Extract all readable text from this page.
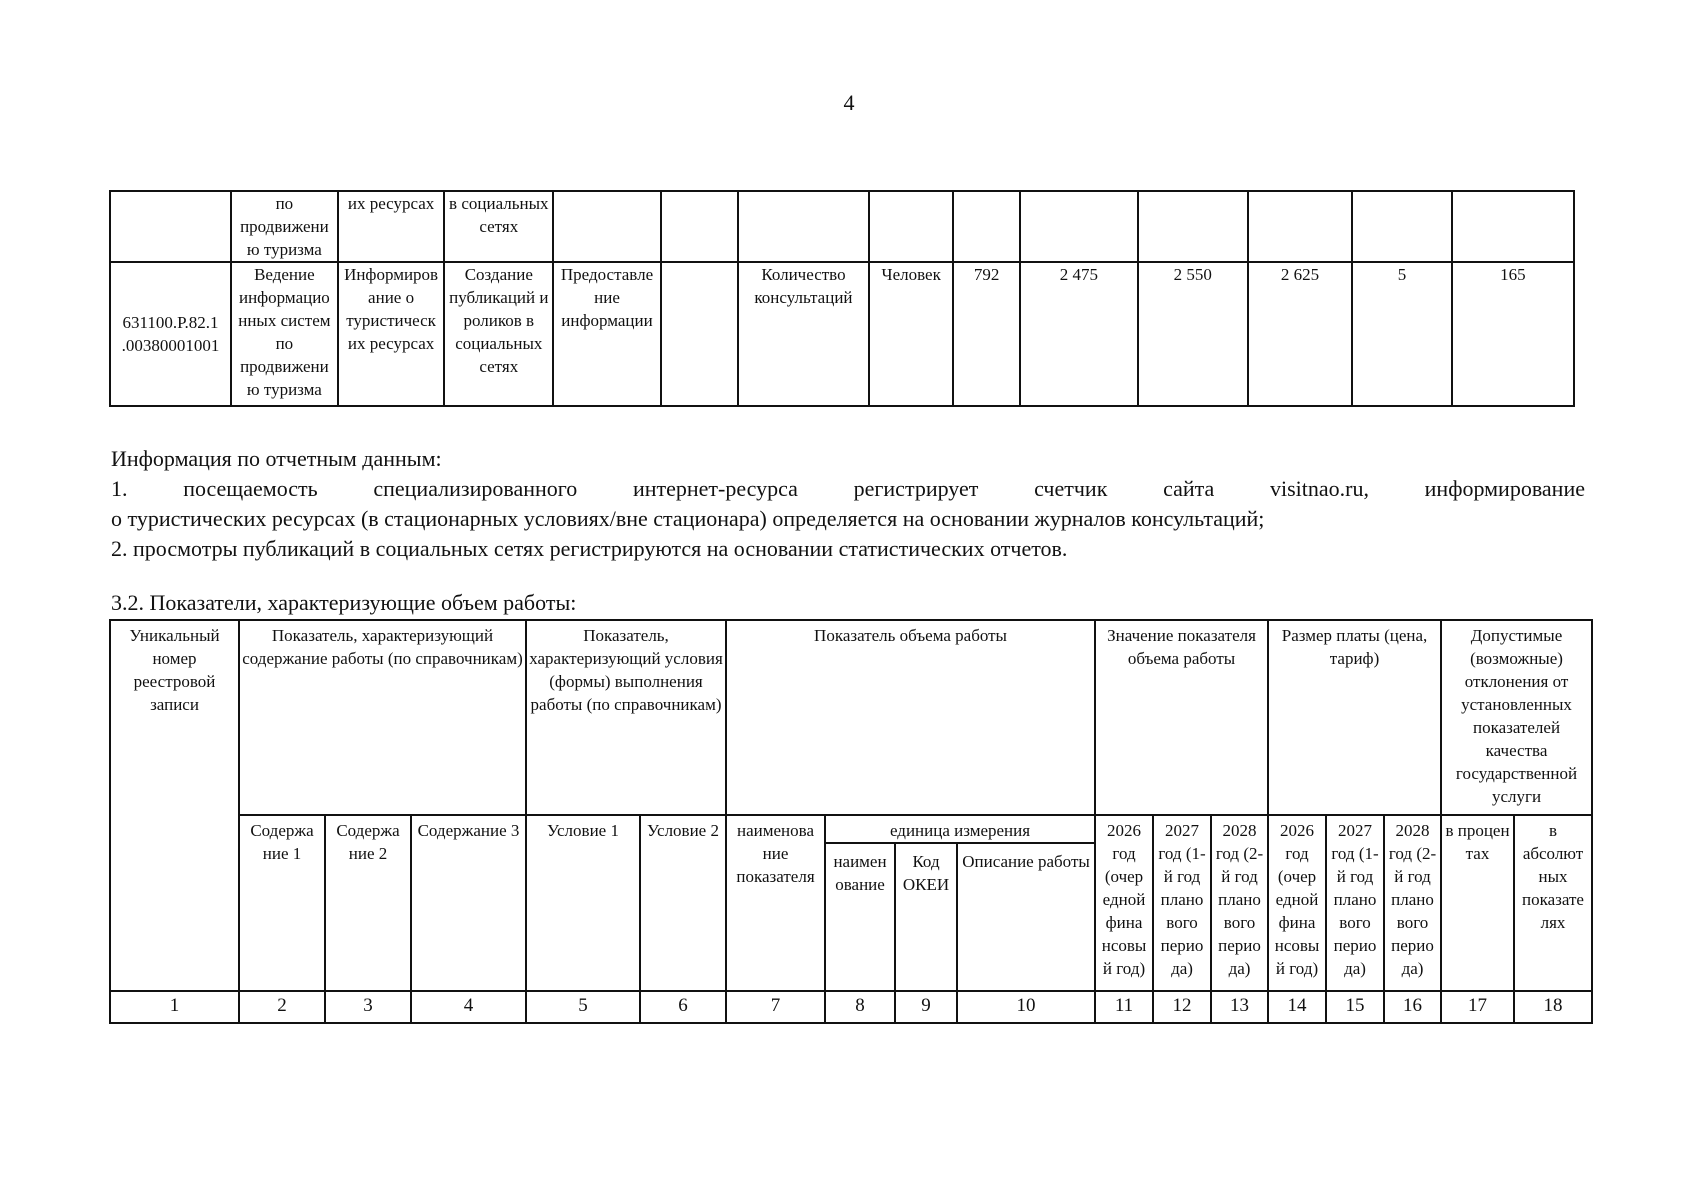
4
	по продвижени ю туризма	их ресурсах	в социальных сетях										
631100.Р.82.1 .00380001001	Ведение информацио нных систем по продвижени ю туризма	Информиров ание о туристическ их ресурсах	Создание публикаций и роликов в социальных сетях	Предоставле ние информации		Количество консультаций	Человек	792	2 475	2 550	2 625	5	165

Информация по отчетным данным:

1. посещаемость специализированного интернет-ресурса регистрирует счетчик сайта visitnao.ru, информирование

о туристических ресурсах (в стационарных условиях/вне стационара) определяется на основании журналов консультаций;

2. просмотры публикаций в социальных сетях регистрируются на основании статистических отчетов.

3.2. Показатели, характеризующие объем работы:
Уникальный номер реестровой записи	Показатель, характеризующий содержание работы (по справочникам)			Показатель, характеризующий условия (формы) выполнения работы (по справочникам)		Показатель объема работы				Значение показателя объема работы			Размер платы (цена, тариф)			Допустимые (возможные) отклонения от установленных показателей качества государственной услуги	
	Содержа ние 1	Содержа ние 2	Содержание 3	Условие 1	Условие 2	наименова ние показателя	единица измерения			2026 год (очер едной фина нсовы й год)	2027 год (1-й год плано вого перио да)	2028 год (2-й год плано вого перио да)	2026 год (очер едной фина нсовы й год)	2027 год (1-й год плано вого перио да)	2028 год (2-й год плано вого перио да)	в процен тах	в абсолют ных показате лях
							наимен ование	Код ОКЕИ	Описание работы								
1	2	3	4	5	6	7	8	9	10	11	12	13	14	15	16	17	18
